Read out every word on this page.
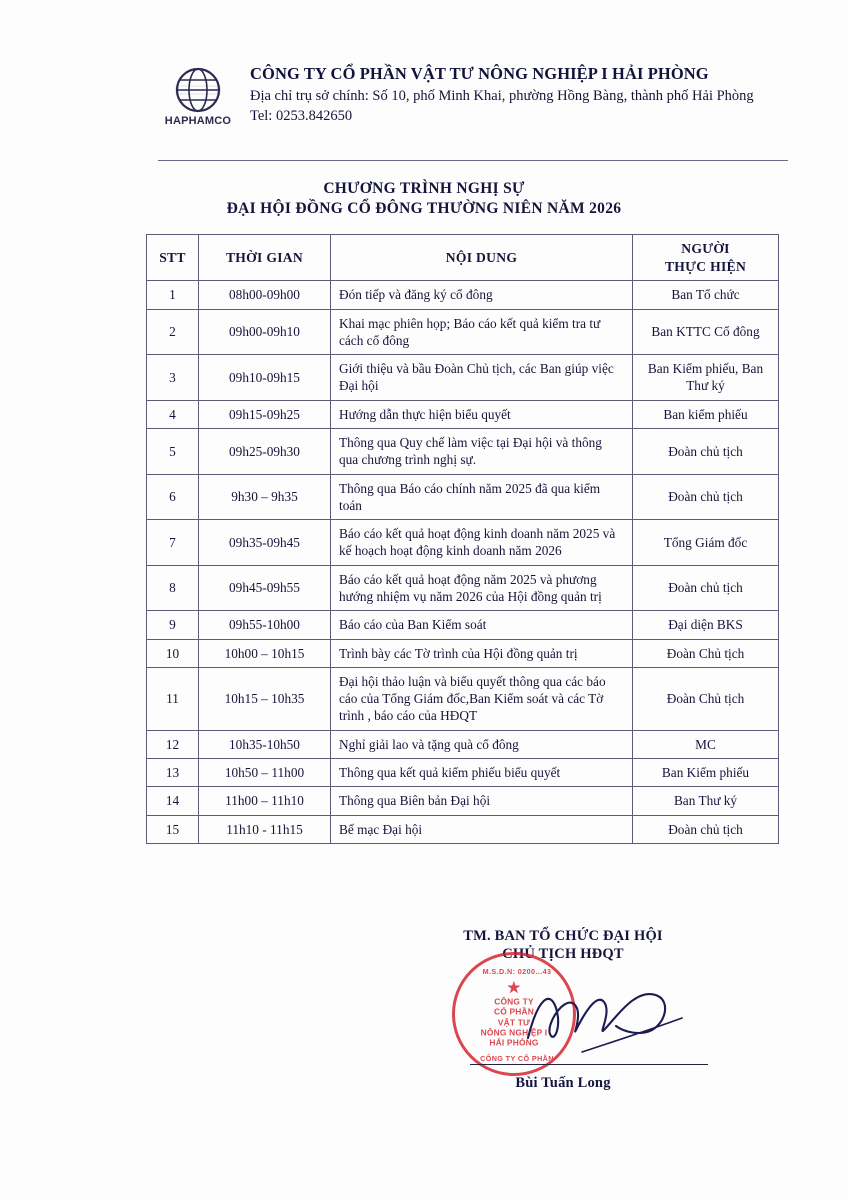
HAPHAMCO
CÔNG TY CỔ PHẦN VẬT TƯ NÔNG NGHIỆP I HẢI PHÒNG
Địa chỉ trụ sở chính: Số 10, phố Minh Khai, phường Hồng Bàng, thành phố Hải Phòng
Tel: 0253.842650
CHƯƠNG TRÌNH NGHỊ SỰ
ĐẠI HỘI ĐỒNG CỔ ĐÔNG THƯỜNG NIÊN NĂM 2026
STT	THỜI GIAN	NỘI DUNG	NGƯỜI
THỰC HIỆN

1	08h00-09h00	Đón tiếp và đăng ký cổ đông	Ban Tổ chức
2	09h00-09h10	Khai mạc phiên họp; Báo cáo kết quả kiểm tra tư cách cổ đông	Ban KTTC Cổ đông
3	09h10-09h15	Giới thiệu và bầu Đoàn Chủ tịch, các Ban giúp việc Đại hội	Ban Kiểm phiếu, Ban Thư ký
4	09h15-09h25	Hướng dẫn thực hiện biểu quyết	Ban kiểm phiếu
5	09h25-09h30	Thông qua Quy chế làm việc tại Đại hội và thông qua chương trình nghị sự.	Đoàn chủ tịch
6	9h30 – 9h35	Thông qua Báo cáo chính năm 2025 đã qua kiểm toán	Đoàn chủ tịch
7	09h35-09h45	Báo cáo kết quả hoạt động kinh doanh năm 2025 và kế hoạch hoạt động kinh doanh năm 2026	Tổng Giám đốc
8	09h45-09h55	Báo cáo kết quả hoạt động năm 2025 và phương hướng nhiệm vụ năm 2026 của Hội đồng quản trị	Đoàn chủ tịch
9	09h55-10h00	Báo cáo của Ban Kiểm soát	Đại diện BKS
10	10h00 – 10h15	Trình bày các Tờ trình của Hội đồng quản trị	Đoàn Chủ tịch
11	10h15 – 10h35	Đại hội thảo luận và biểu quyết thông qua các báo cáo của Tổng Giám đốc,Ban Kiểm soát và các Tờ trình , báo cáo của HĐQT	Đoàn Chủ tịch
12	10h35-10h50	Nghỉ giải lao và tặng quà cổ đông	MC
13	10h50 – 11h00	Thông qua kết quả kiểm phiếu biểu quyết	Ban Kiểm phiếu
14	11h00 – 11h10	Thông qua Biên bản Đại hội	Ban Thư ký
15	11h10 - 11h15	Bế mạc Đại hội	Đoàn chủ tịch
TM. BAN TỔ CHỨC ĐẠI HỘI
CHỦ TỊCH HĐQT
Bùi Tuấn Long
M.S.D.N: 0200...43
★
CÔNG TY
CỔ PHẦN
VẬT TƯ
NÔNG NGHIỆP I
HẢI PHÒNG
CÔNG TY CỔ PHẦN
